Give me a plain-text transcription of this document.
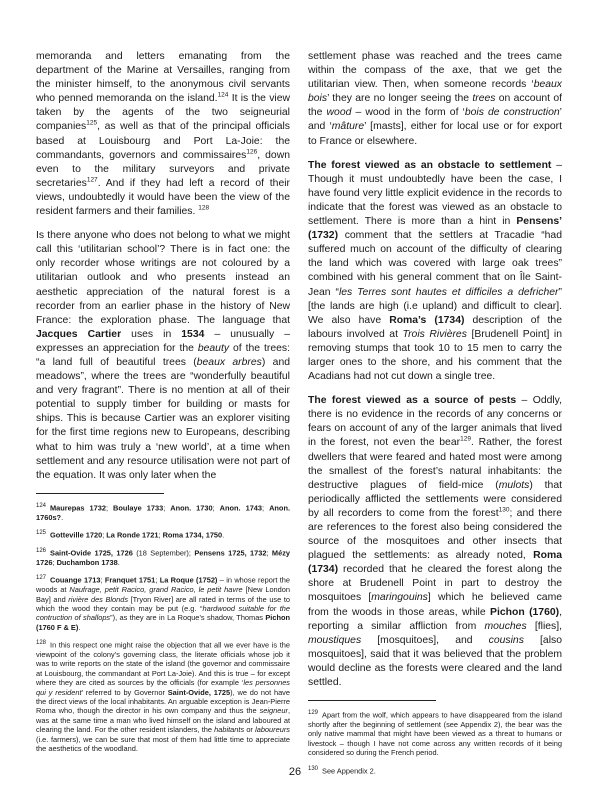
memoranda and letters emanating from the department of the Marine at Versailles, ranging from the minister himself, to the anonymous civil servants who penned memoranda on the island.$^{124}$ It is the view taken by the agents of the two seigneurial companies$^{125}$, as well as that of the principal officials based at Louisbourg and Port La-Joie: the commandants, governors and commissaires$^{126}$, down even to the military surveyors and private secretaries$^{127}$. And if they had left a record of their views, undoubtedly it would have been the view of the resident farmers and their families. $^{128}$

Is there anyone who does not belong to what we might call this ‘utilitarian school’? There is in fact one: the only recorder whose writings are not coloured by a utilitarian outlook and who presents instead an aesthetic appreciation of the natural forest is a recorder from an earlier phase in the history of New France: the exploration phase. The language that Jacques Cartier uses in 1534 – unusually – expresses an appreciation for the beauty of the trees: “a land full of beautiful trees (beaux arbres) and meadows”, where the trees are “wonderfully beautiful and very fragrant”. There is no mention at all of their potential to supply timber for building or masts for ships. This is because Cartier was an explorer visiting for the first time regions new to Europeans, describing what to him was truly a ‘new world’, at a time when settlement and any resource utilisation were not part of the equation. It was only later when the

$^{124}$ Maurepas 1732; Boulaye 1733; Anon. 1730; Anon. 1743; Anon. 1760s?.

$^{125}$ Gotteville 1720; La Ronde 1721; Roma 1734, 1750.

$^{126}$ Saint-Ovide 1725, 1726 (18 September); Pensens 1725, 1732; Mézy 1726; Duchambon 1738.

$^{127}$ Couange 1713; Franquet 1751; La Roque (1752) – in whose report the woods at Naufrage, petit Racico, grand Racico, le petit havre [New London Bay] and rivière des Blonds [Tryon River] are all rated in terms of the use to which the wood they contain may be put (e.g. “hardwood suitable for the contruction of shallops”), as they are in La Roque’s shadow, Thomas Pichon (1760 F & E).

$^{128}$ In this respect one might raise the objection that all we ever have is the viewpoint of the colony’s governing class, the literate officials whose job it was to write reports on the state of the island (the governor and commissaire at Louisbourg, the commandant at Port La-Joie). And this is true – for except where they are cited as sources by the officials (for example ‘les personnes qui y resident’ referred to by Governor Saint-Ovide, 1725), we do not have the direct views of the local inhabitants. An arguable exception is Jean-Pierre Roma who, though the director in his own company and thus the seigneur, was at the same time a man who lived himself on the island and laboured at clearing the land. For the other resident islanders, the habitants or laboureurs (i.e. farmers), we can be sure that most of them had little time to appreciate the aesthetics of the woodland.

settlement phase was reached and the trees came within the compass of the axe, that we get the utilitarian view. Then, when someone records ‘beaux bois’ they are no longer seeing the trees on account of the wood – wood in the form of ‘bois de construction’ and ‘mâture’ [masts], either for local use or for export to France or elsewhere.

The forest viewed as an obstacle to settlement – Though it must undoubtedly have been the case, I have found very little explicit evidence in the records to indicate that the forest was viewed as an obstacle to settlement. There is more than a hint in Pensens’ (1732) comment that the settlers at Tracadie “had suffered much on account of the difficulty of clearing the land which was covered with large oak trees” combined with his general comment that on Île Saint-Jean “les Terres sont hautes et difficiles a defricher” [the lands are high (i.e upland) and difficult to clear]. We also have Roma’s (1734) description of the labours involved at Trois Rivières [Brudenell Point] in removing stumps that took 10 to 15 men to carry the larger ones to the shore, and his comment that the Acadians had not cut down a single tree.

The forest viewed as a source of pests – Oddly, there is no evidence in the records of any concerns or fears on account of any of the larger animals that lived in the forest, not even the bear$^{129}$. Rather, the forest dwellers that were feared and hated most were among the smallest of the forest’s natural inhabitants: the destructive plagues of field-mice (mulots) that periodically afflicted the settlements were considered by all recorders to come from the forest$^{130}$; and there are references to the forest also being considered the source of the mosquitoes and other insects that plagued the settlements: as already noted, Roma (1734) recorded that he cleared the forest along the shore at Brudenell Point in part to destroy the mosquitoes [maringouins] which he believed came from the woods in those areas, while Pichon (1760), reporting a similar affliction from mouches [flies], moustiques [mosquitoes], and cousins [also mosquitoes], said that it was believed that the problem would decline as the forests were cleared and the land settled.

$^{129}$ Apart from the wolf, which appears to have disappeared from the island shortly after the beginning of settlement (see Appendix 2), the bear was the only native mammal that might have been viewed as a threat to humans or livestock – though I have not come across any written records of it being considered so during the French period.

$^{130}$ See Appendix 2.

26
